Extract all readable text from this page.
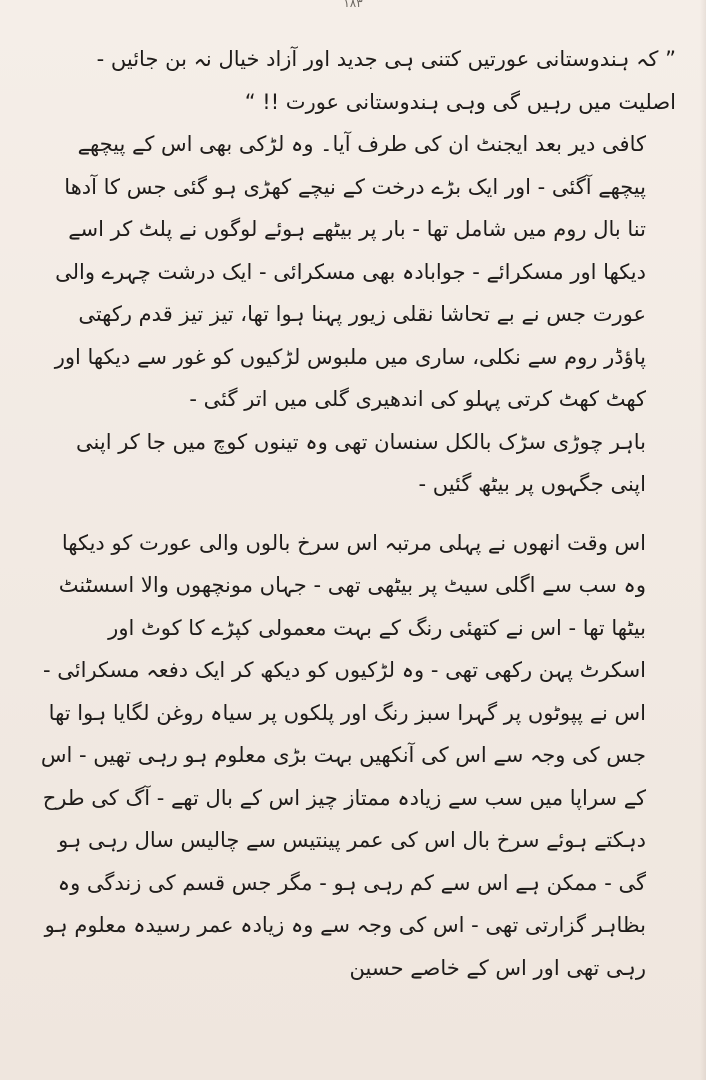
۱۸۳

” کہ ہندوستانی عورتیں کتنی ہی جدید اور آزاد خیال نہ بن جائیں - اصلیت میں رہیں گی وہی ہندوستانی عورت !! “

کافی دیر بعد ایجنٹ ان کی طرف آیا۔ وہ لڑکی بھی اس کے پیچھے پیچھے آگئی - اور ایک بڑے درخت کے نیچے کھڑی ہو گئی جس کا آدھا تنا بال روم میں شامل تھا - بار پر بیٹھے ہوئے لوگوں نے پلٹ کر اسے دیکھا اور مسکرائے - جوابادہ بھی مسکرائی - ایک درشت چہرے والی عورت جس نے بے تحاشا نقلی زیور پہنا ہوا تھا، تیز تیز قدم رکھتی پاؤڈر روم سے نکلی، ساری میں ملبوس لڑکیوں کو غور سے دیکھا اور کھٹ کھٹ کرتی پہلو کی اندھیری گلی میں اتر گئی -

باہر چوڑی سڑک بالکل سنسان تھی وہ تینوں کوچ میں جا کر اپنی اپنی جگہوں پر بیٹھ گئیں -

اس وقت انھوں نے پہلی مرتبہ اس سرخ بالوں والی عورت کو دیکھا وہ سب سے اگلی سیٹ پر بیٹھی تھی - جہاں مونچھوں والا اسسٹنٹ بیٹھا تھا - اس نے کتھئی رنگ کے بہت معمولی کپڑے کا کوٹ اور اسکرٹ پہن رکھی تھی - وہ لڑکیوں کو دیکھ کر ایک دفعہ مسکرائی - اس نے پپوٹوں پر گہرا سبز رنگ اور پلکوں پر سیاہ روغن لگایا ہوا تھا جس کی وجہ سے اس کی آنکھیں بہت بڑی معلوم ہو رہی تھیں - اس کے سراپا میں سب سے زیادہ ممتاز چیز اس کے بال تھے - آگ کی طرح دہکتے ہوئے سرخ بال اس کی عمر پینتیس سے چالیس سال رہی ہو گی - ممکن ہے اس سے کم رہی ہو - مگر جس قسم کی زندگی وہ بظاہر گزارتی تھی - اس کی وجہ سے وہ زیادہ عمر رسیدہ معلوم ہو رہی تھی اور اس کے خاصے حسین
